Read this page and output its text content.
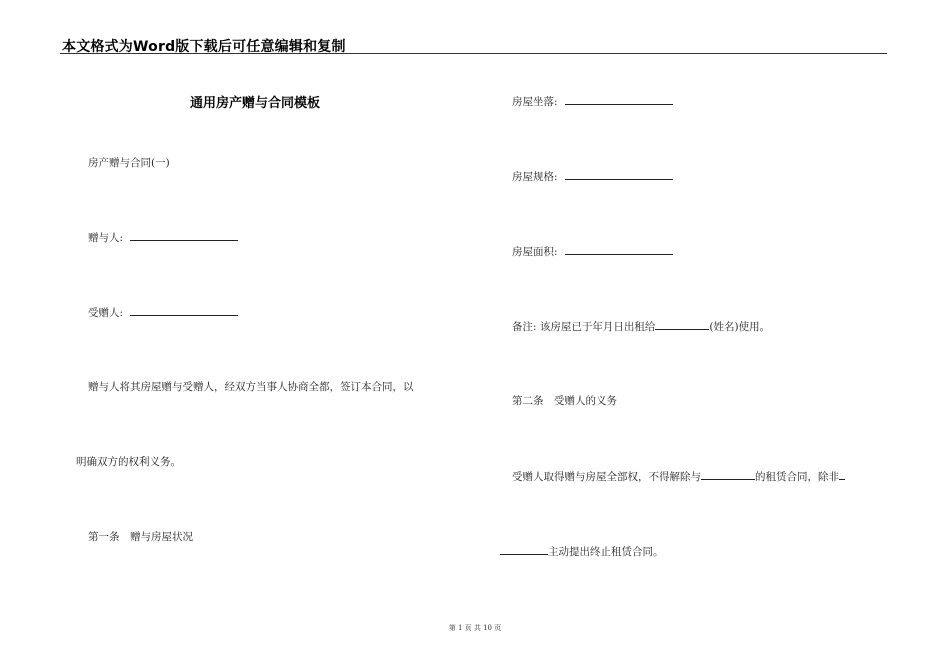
本文格式为Word版下载后可任意编辑和复制
通用房产赠与合同模板
房产赠与合同(一)
赠与人:
受赠人:
赠与人将其房屋赠与受赠人，经双方当事人协商全都，签订本合同，以
明确双方的权利义务。
第一条　赠与房屋状况
房屋坐落:
房屋规格:
房屋面积:
备注: 该房屋已于年月日出租给	(姓名)使用。
第二条　受赠人的义务
受赠人取得赠与房屋全部权，不得解除与	的租赁合同，除非
主动提出终止租赁合同。
第 1 页 共 10 页
